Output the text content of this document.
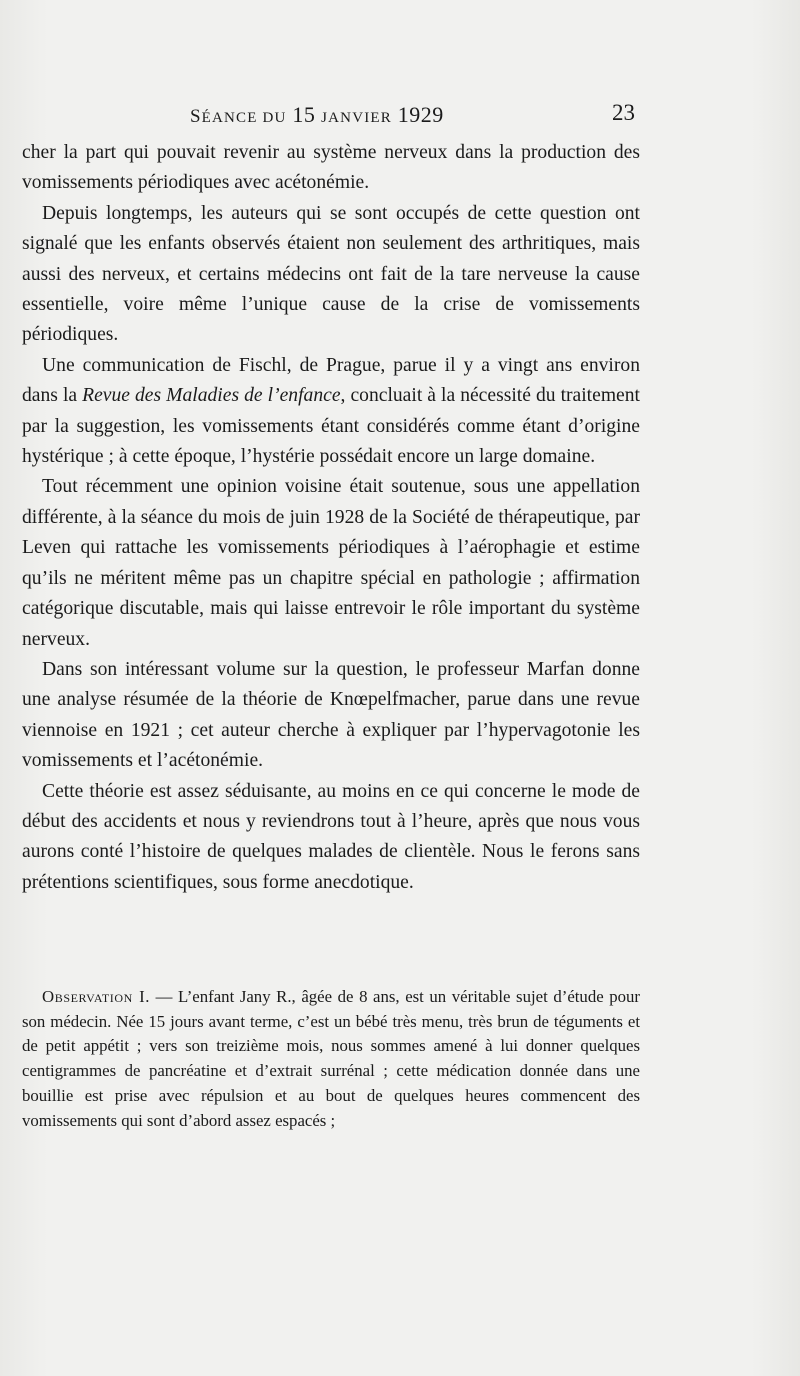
SÉANCE DU 15 JANVIER 1929	23

cher la part qui pouvait revenir au système nerveux dans la production des vomissements périodiques avec acétonémie.

Depuis longtemps, les auteurs qui se sont occupés de cette question ont signalé que les enfants observés étaient non seulement des arthritiques, mais aussi des nerveux, et certains médecins ont fait de la tare nerveuse la cause essentielle, voire même l’unique cause de la crise de vomissements périodiques.

Une communication de Fischl, de Prague, parue il y a vingt ans environ dans la Revue des Maladies de l’enfance, concluait à la nécessité du traitement par la suggestion, les vomissements étant considérés comme étant d’origine hystérique ; à cette époque, l’hystérie possédait encore un large domaine.

Tout récemment une opinion voisine était soutenue, sous une appellation différente, à la séance du mois de juin 1928 de la Société de thérapeutique, par Leven qui rattache les vomissements périodiques à l’aérophagie et estime qu’ils ne méritent même pas un chapitre spécial en pathologie ; affirmation catégorique discutable, mais qui laisse entrevoir le rôle important du système nerveux.

Dans son intéressant volume sur la question, le professeur Marfan donne une analyse résumée de la théorie de Knœpelfmacher, parue dans une revue viennoise en 1921 ; cet auteur cherche à expliquer par l’hypervagotonie les vomissements et l’acétonémie.

Cette théorie est assez séduisante, au moins en ce qui concerne le mode de début des accidents et nous y reviendrons tout à l’heure, après que nous vous aurons conté l’histoire de quelques malades de clientèle. Nous le ferons sans prétentions scientifiques, sous forme anecdotique.

Observation I. — L’enfant Jany R., âgée de 8 ans, est un véritable sujet d’étude pour son médecin. Née 15 jours avant terme, c’est un bébé très menu, très brun de téguments et de petit appétit ; vers son treizième mois, nous sommes amené à lui donner quelques centigrammes de pancréatine et d’extrait surrénal ; cette médication donnée dans une bouillie est prise avec répulsion et au bout de quelques heures commencent des vomissements qui sont d’abord assez espacés ;
